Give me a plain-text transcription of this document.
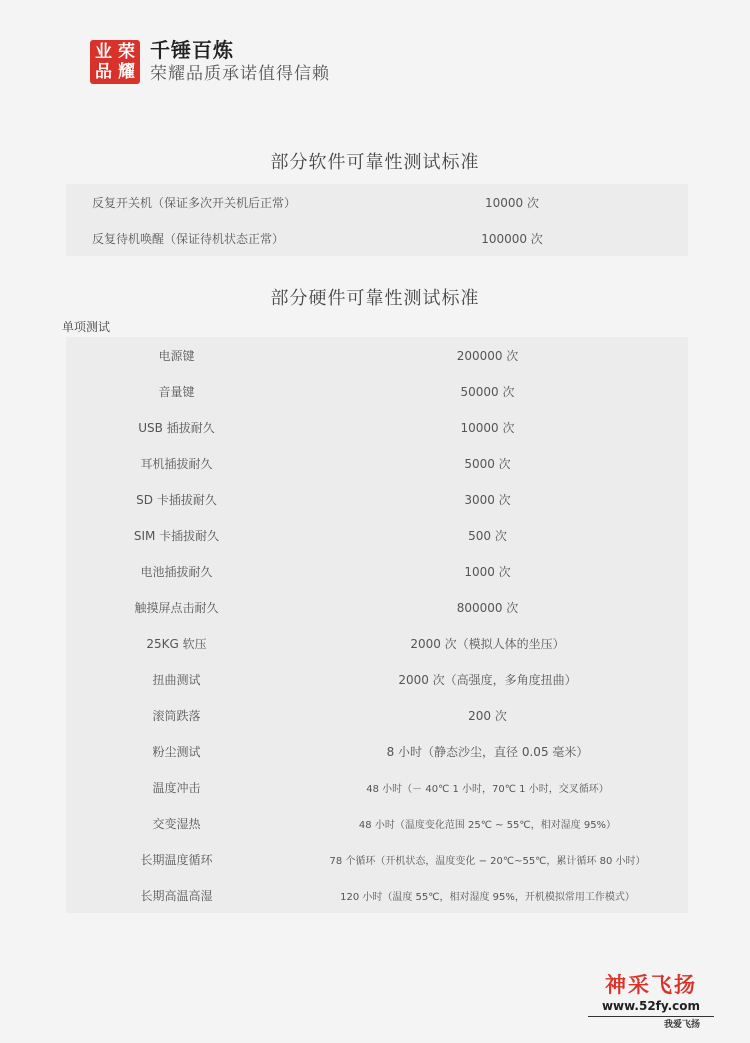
业 荣
品 耀
千锤百炼
荣耀品质承诺值得信赖
部分软件可靠性测试标准
反复开关机（保证多次开关机后正常）	10000 次
反复待机唤醒（保证待机状态正常）	100000 次
部分硬件可靠性测试标准
单项测试
电源键	200000 次
音量键	50000 次
USB 插拔耐久	10000 次
耳机插拔耐久	5000 次
SD 卡插拔耐久	3000 次
SIM 卡插拔耐久	500 次
电池插拔耐久	1000 次
触摸屏点击耐久	800000 次
25KG 软压	2000 次（模拟人体的坐压）
扭曲测试	2000 次（高强度，多角度扭曲）
滚筒跌落	200 次
粉尘测试	8 小时（静态沙尘，直径 0.05 毫米）
温度冲击	48 小时（－ 40℃ 1 小时，70℃ 1 小时，交叉循环）
交变湿热	48 小时（温度变化范围 25℃ ~ 55℃，相对湿度 95%）
长期温度循环	78 个循环（开机状态，温度变化 − 20℃~55℃，累计循环 80 小时）
长期高温高湿	120 小时（温度 55℃，相对湿度 95%，开机模拟常用工作模式）
神采飞扬
www.52fy.com
我爱飞扬
